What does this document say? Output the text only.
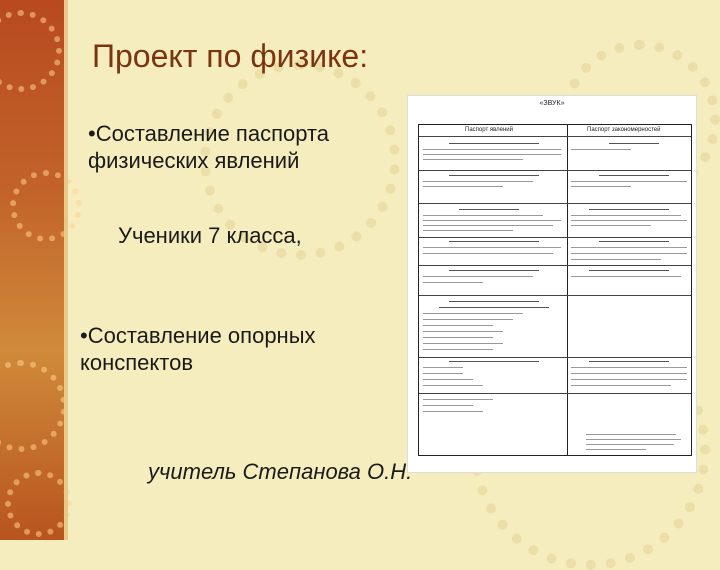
Проект по физике:
•Составление паспорта физических явлений
Ученики 7 класса,
•Составление опорных конспектов
«ЗВУК»
Паспорт явлений	Паспорт закономерностей
учитель Степанова О.Н.
